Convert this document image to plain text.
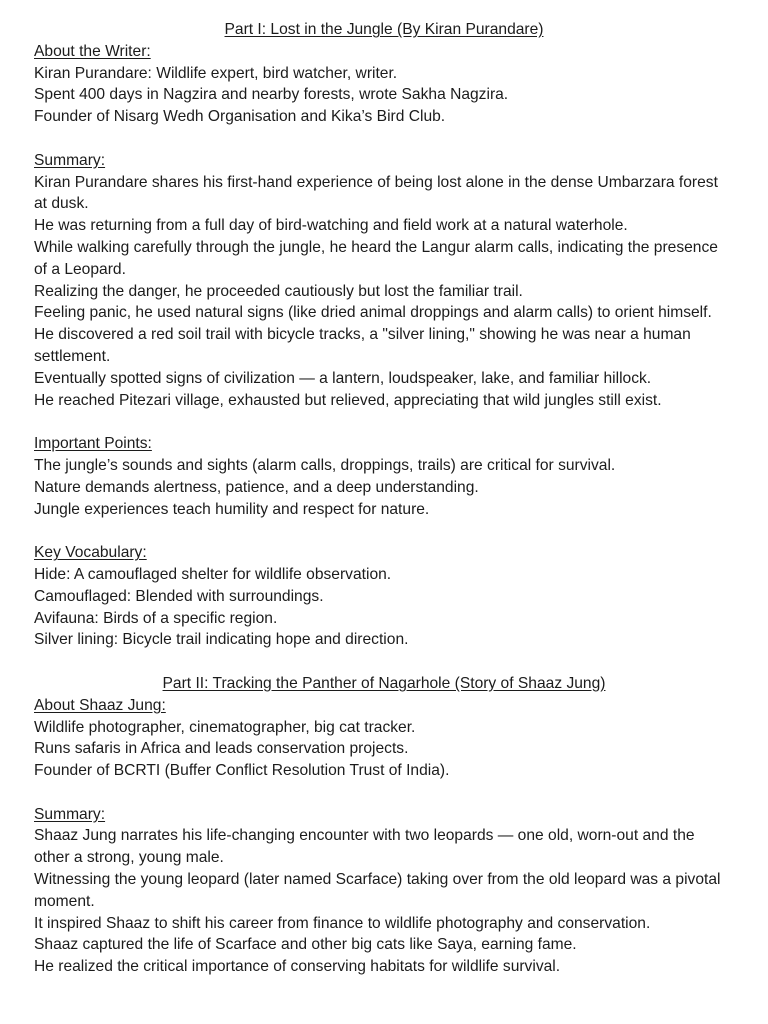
Part I: Lost in the Jungle (By Kiran Purandare)
About the Writer:

Kiran Purandare: Wildlife expert, bird watcher, writer.

Spent 400 days in Nagzira and nearby forests, wrote Sakha Nagzira.

Founder of Nisarg Wedh Organisation and Kika’s Bird Club.

Summary:

Kiran Purandare shares his first-hand experience of being lost alone in the dense Umbarzara forest at dusk.

He was returning from a full day of bird-watching and field work at a natural waterhole.

While walking carefully through the jungle, he heard the Langur alarm calls, indicating the presence of a Leopard.

Realizing the danger, he proceeded cautiously but lost the familiar trail.

Feeling panic, he used natural signs (like dried animal droppings and alarm calls) to orient himself.

He discovered a red soil trail with bicycle tracks, a "silver lining," showing he was near a human settlement.

Eventually spotted signs of civilization — a lantern, loudspeaker, lake, and familiar hillock.

He reached Pitezari village, exhausted but relieved, appreciating that wild jungles still exist.

Important Points:

The jungle’s sounds and sights (alarm calls, droppings, trails) are critical for survival.

Nature demands alertness, patience, and a deep understanding.

Jungle experiences teach humility and respect for nature.

Key Vocabulary:

Hide: A camouflaged shelter for wildlife observation.

Camouflaged: Blended with surroundings.

Avifauna: Birds of a specific region.

Silver lining: Bicycle trail indicating hope and direction.

Part II: Tracking the Panther of Nagarhole (Story of Shaaz Jung)
About Shaaz Jung:

Wildlife photographer, cinematographer, big cat tracker.

Runs safaris in Africa and leads conservation projects.

Founder of BCRTI (Buffer Conflict Resolution Trust of India).

Summary:

Shaaz Jung narrates his life-changing encounter with two leopards — one old, worn-out and the other a strong, young male.

Witnessing the young leopard (later named Scarface) taking over from the old leopard was a pivotal moment.

It inspired Shaaz to shift his career from finance to wildlife photography and conservation.

Shaaz captured the life of Scarface and other big cats like Saya, earning fame.

He realized the critical importance of conserving habitats for wildlife survival.
